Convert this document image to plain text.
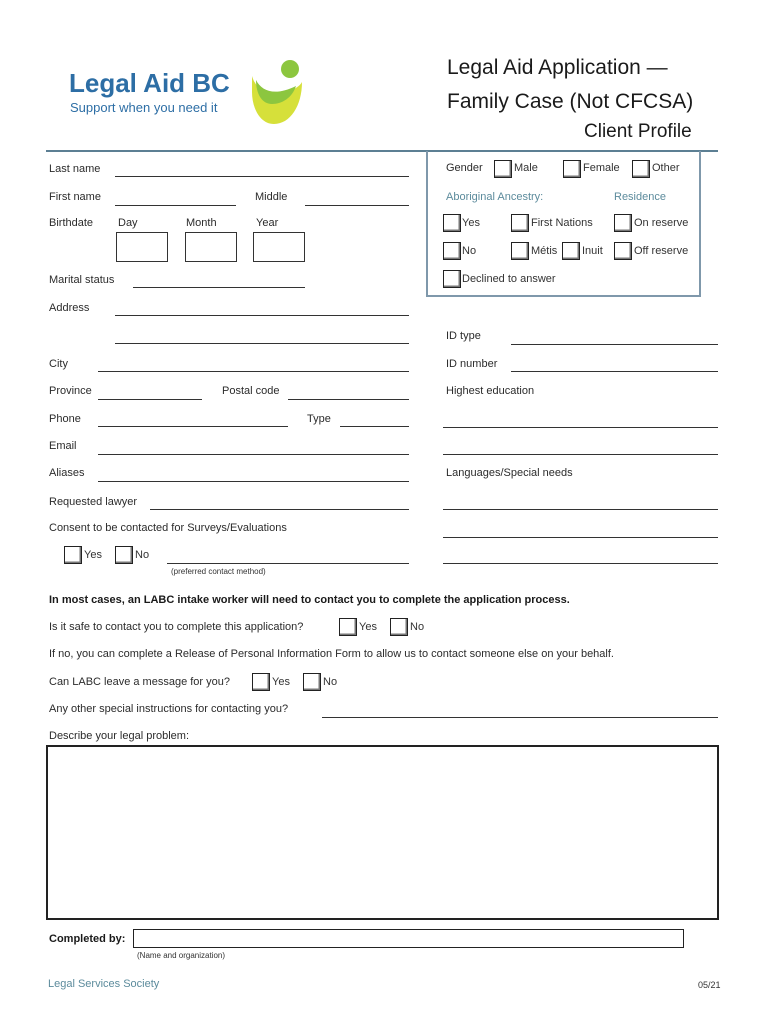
Legal Aid BC
Support when you need it
Legal Aid Application —
Family Case (Not CFCSA)
Client Profile
Last name
First name	Middle
Birthdate Day	Month	Year
Marital status
Address
City
Province	Postal code
Phone	Type
Email
Aliases
Requested lawyer
Consent to be contacted for Surveys/Evaluations
Yes	No
(preferred contact method)
Gender	Male	Female	Other
Aboriginal Ancestry:	Residence
Yes	First Nations	On reserve
No	Métis Inuit	Off reserve
Declined to answer
ID type
ID number
Highest education
Languages/Special needs
In most cases, an LABC intake worker will need to contact you to complete the application process.
Is it safe to contact you to complete this application?	Yes	No
If no, you can complete a Release of Personal Information Form to allow us to contact someone else on your behalf.
Can LABC leave a message for you?	Yes	No
Any other special instructions for contacting you?
Describe your legal problem:
Completed by:
(Name and organization)
Legal Services Society	05/21
